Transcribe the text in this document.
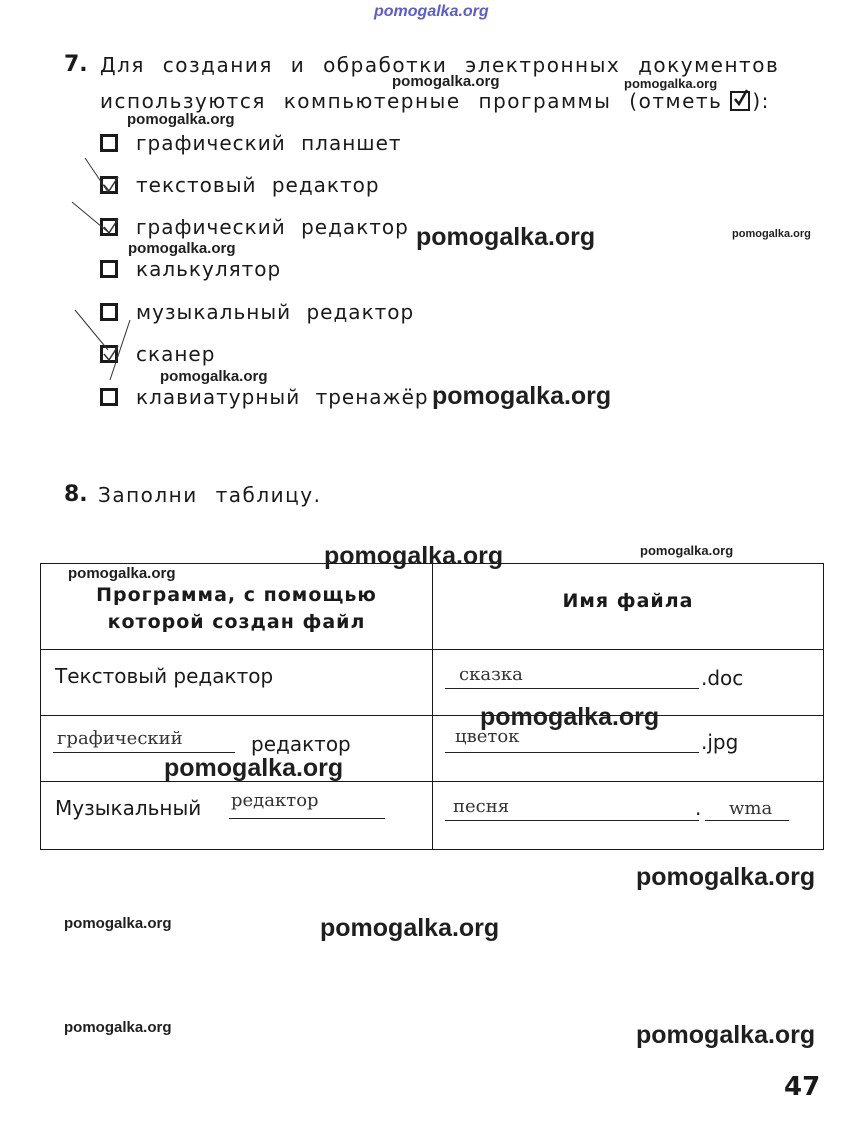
pomogalka.org
pomogalka.org	pomogalka.org
pomogalka.org
pomogalka.org	pomogalka.org
pomogalka.org
pomogalka.org
pomogalka.org
pomogalka.org	pomogalka.org
pomogalka.org
pomogalka.org
pomogalka.org
pomogalka.org
pomogalka.org	pomogalka.org
pomogalka.org	pomogalka.org
7. Для создания и обработки электронных документов
используются компьютерные программы (отметь ):
графический планшет
текстовый редактор
графический редактор
калькулятор
музыкальный редактор
сканер
клавиатурный тренажёр
8. Заполни таблицу.
Программа, с помощью
которой создан файл	Имя файла

Текстовый редактор	сказка .doc

графический редактор	цветок .jpg

Музыкальный редактор	песня . wma
47
